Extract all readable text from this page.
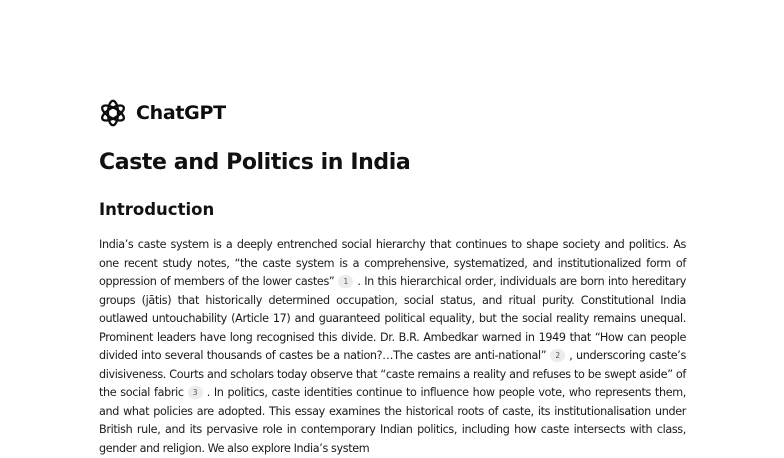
ChatGPT
Caste and Politics in India
Introduction

India’s caste system is a deeply entrenched social hierarchy that continues to shape society and politics. As one recent study notes, “the caste system is a comprehensive, systematized, and institutionalized form of oppression of members of the lower castes” 1 . In this hierarchical order, individuals are born into hereditary groups (jātis) that historically determined occupation, social status, and ritual purity. Constitutional India outlawed untouchability (Article 17) and guaranteed political equality, but the social reality remains unequal. Prominent leaders have long recognised this divide. Dr. B.R. Ambedkar warned in 1949 that “How can people divided into several thousands of castes be a nation?…The castes are anti-national” 2 , underscoring caste’s divisiveness. Courts and scholars today observe that “caste remains a reality and refuses to be swept aside” of the social fabric 3 . In politics, caste identities continue to influence how people vote, who represents them, and what policies are adopted. This essay examines the historical roots of caste, its institutionalisation under British rule, and its pervasive role in contemporary Indian politics, including how caste intersects with class, gender and religion. We also explore India’s system
